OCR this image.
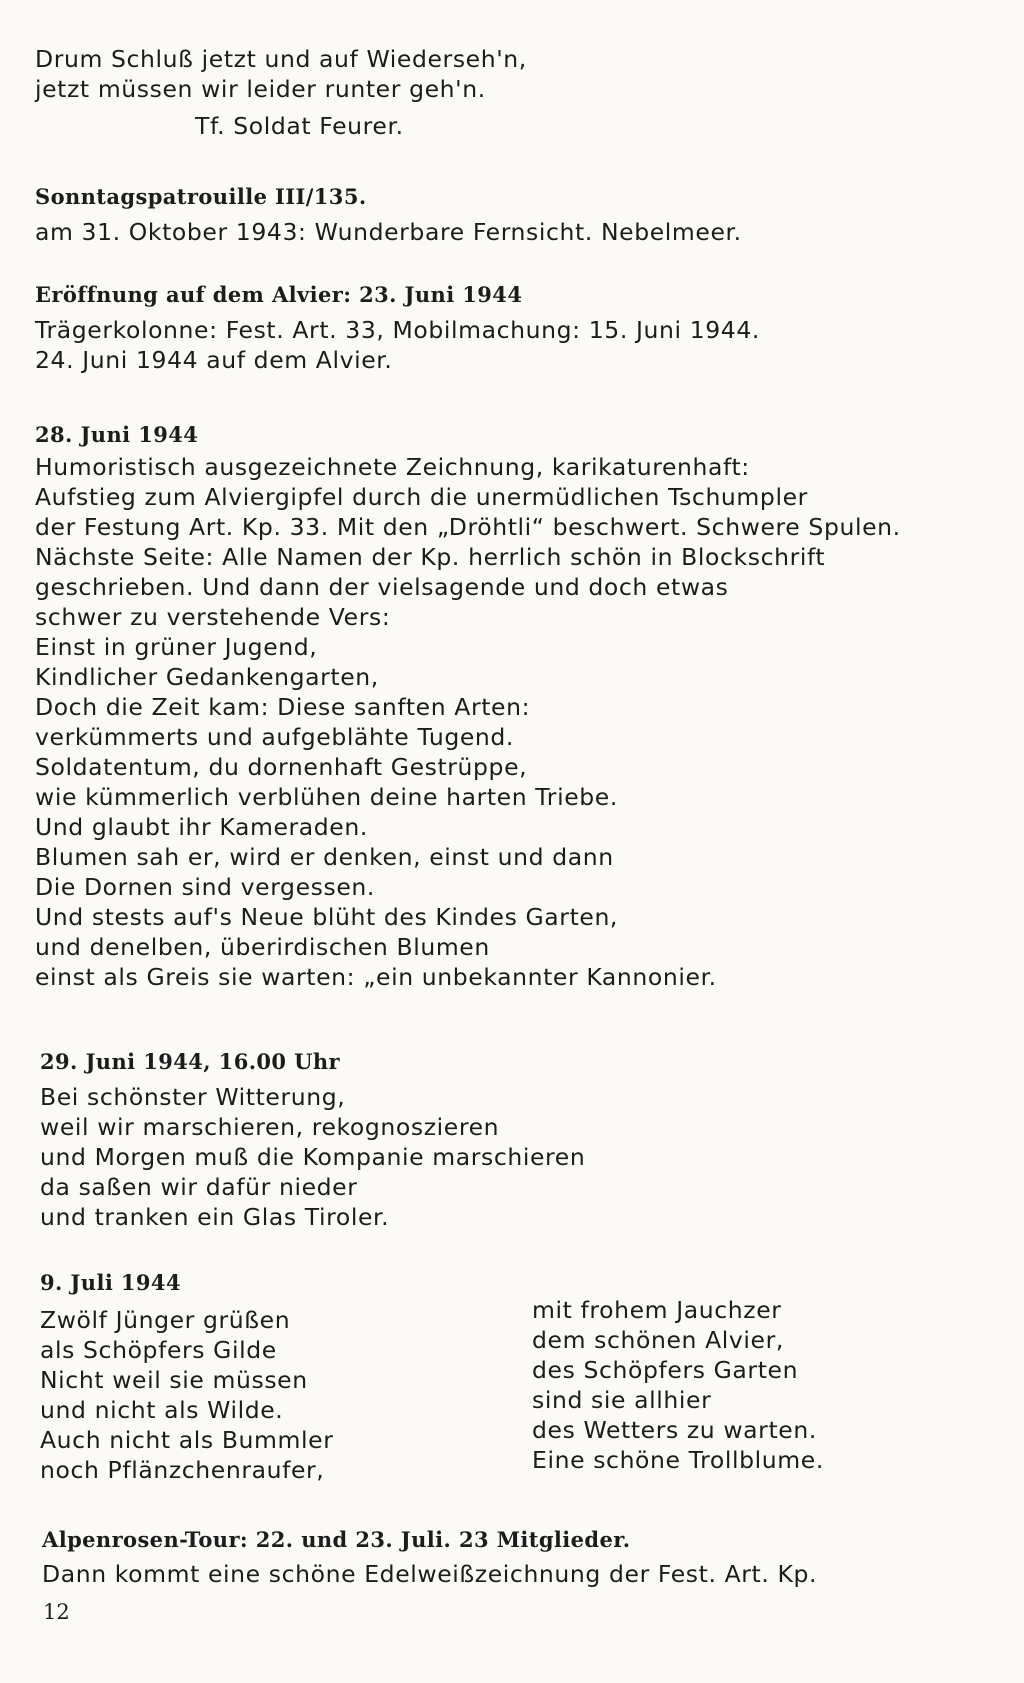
Drum Schluß jetzt und auf Wiederseh'n,
jetzt müssen wir leider runter geh'n.
Tf. Soldat Feurer.
Sonntagspatrouille III/135.
am 31. Oktober 1943: Wunderbare Fernsicht. Nebelmeer.
Eröffnung auf dem Alvier: 23. Juni 1944
Trägerkolonne: Fest. Art. 33, Mobilmachung: 15. Juni 1944.
24. Juni 1944 auf dem Alvier.
28. Juni 1944
Humoristisch ausgezeichnete Zeichnung, karikaturenhaft:
Aufstieg zum Alviergipfel durch die unermüdlichen Tschumpler
der Festung Art. Kp. 33. Mit den „Dröhtli“ beschwert. Schwere Spulen.
Nächste Seite: Alle Namen der Kp. herrlich schön in Blockschrift
geschrieben. Und dann der vielsagende und doch etwas
schwer zu verstehende Vers:
Einst in grüner Jugend,
Kindlicher Gedankengarten,
Doch die Zeit kam: Diese sanften Arten:
verkümmerts und aufgeblähte Tugend.
Soldatentum, du dornenhaft Gestrüppe,
wie kümmerlich verblühen deine harten Triebe.
Und glaubt ihr Kameraden.
Blumen sah er, wird er denken, einst und dann
Die Dornen sind vergessen.
Und stests auf's Neue blüht des Kindes Garten,
und denelben, überirdischen Blumen
einst als Greis sie warten: „ein unbekannter Kannonier.
29. Juni 1944, 16.00 Uhr
Bei schönster Witterung,
weil wir marschieren, rekognoszieren
und Morgen muß die Kompanie marschieren
da saßen wir dafür nieder
und tranken ein Glas Tiroler.
9. Juli 1944
Zwölf Jünger grüßen
als Schöpfers Gilde
Nicht weil sie müssen
und nicht als Wilde.
Auch nicht als Bummler
noch Pflänzchenraufer,
mit frohem Jauchzer
dem schönen Alvier,
des Schöpfers Garten
sind sie allhier
des Wetters zu warten.
Eine schöne Trollblume.
Alpenrosen-Tour: 22. und 23. Juli. 23 Mitglieder.
Dann kommt eine schöne Edelweißzeichnung der Fest. Art. Kp.
12
